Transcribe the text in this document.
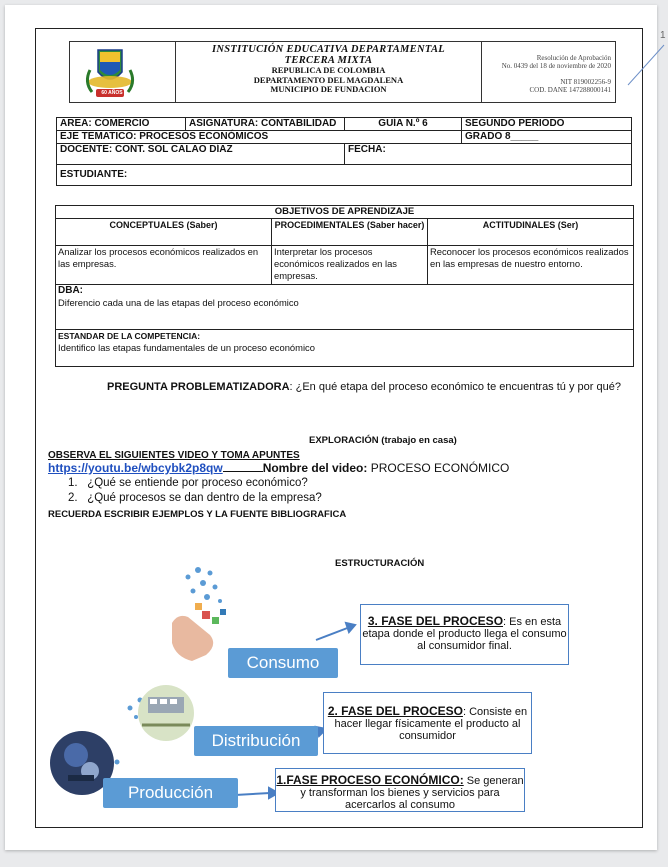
1
60 AÑOS
INSTITUCIÓN EDUCATIVA DEPARTAMENTAL
TERCERA MIXTA
REPUBLICA DE COLOMBIA
DEPARTAMENTO DEL MAGDALENA
MUNICIPIO DE FUNDACION
Resolución de Aprobación
No. 0439 del 18 de noviembre de 2020
NIT 819002256-9
COD. DANE 147288000141
AREA: COMERCIO	ASIGNATURA: CONTABILIDAD	GUÍA N.º 6	SEGUNDO PERIODO
EJE TEMATICO: PROCESOS ECONÓMICOS			GRADO 8_____
DOCENTE: CONT. SOL CALAO DÍAZ		FECHA:	
ESTUDIANTE:			
OBJETIVOS DE APRENDIZAJE		
CONCEPTUALES (Saber)	PROCEDIMENTALES (Saber hacer)	ACTITUDINALES (Ser)
Analizar los procesos económicos realizados en las empresas.	Interpretar los procesos económicos realizados en las empresas.	Reconocer los procesos económicos realizados en las empresas de nuestro entorno.

DBA:
Diferencio cada una de las etapas del proceso económico		

ESTANDAR DE LA COMPETENCIA:
Identifico las etapas fundamentales de un proceso económico		
PREGUNTA PROBLEMATIZADORA: ¿En qué etapa del proceso económico te encuentras tú y por qué?
EXPLORACIÓN (trabajo en casa)
OBSERVA EL SIGUIENTES VIDEO Y TOMA APUNTES
https://youtu.be/wbcybk2p8qw	Nombre del video: PROCESO ECONÓMICO
1.   ¿Qué se entiende por proceso económico?
2.   ¿Qué procesos se dan dentro de la empresa?
RECUERDA ESCRIBIR EJEMPLOS Y LA FUENTE BIBLIOGRAFICA
ESTRUCTURACIÓN
Consumo
Distribución
Producción
3. FASE DEL PROCESO: Es en esta etapa donde el producto llega el consumo al consumidor final.
2. FASE DEL PROCESO: Consiste en hacer llegar físicamente el producto al consumidor
1.FASE PROCESO ECONÓMICO: Se generan y transforman los bienes y servicios para acercarlos al consumo
